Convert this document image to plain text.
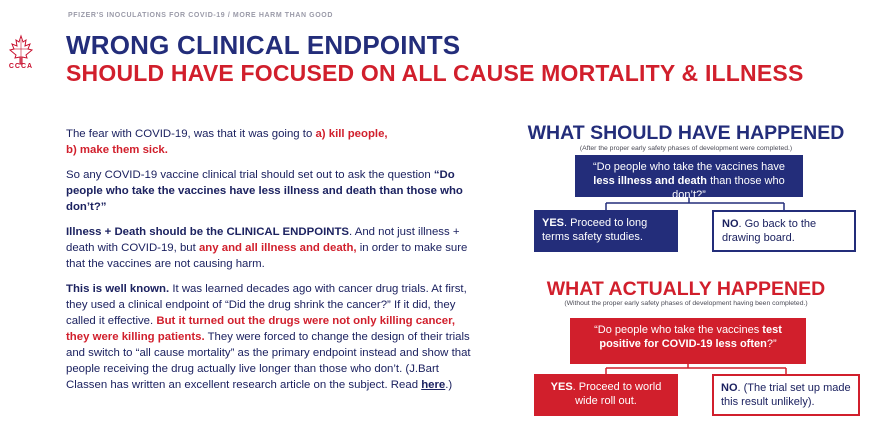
PFIZER'S INOCULATIONS FOR COVID-19 / MORE HARM THAN GOOD
CCCA
WRONG CLINICAL ENDPOINTS
SHOULD HAVE FOCUSED ON ALL CAUSE MORTALITY & ILLNESS

The fear with COVID-19, was that it was going to a) kill people,
b) make them sick.

So any COVID-19 vaccine clinical trial should set out to ask the question “Do people who take the vaccines have less illness and death than those who don’t?”

Illness + Death should be the CLINICAL ENDPOINTS. And not just illness + death with COVID-19, but any and all illness and death, in order to make sure that the vaccines are not causing harm.

This is well known. It was learned decades ago with cancer drug trials. At first, they used a clinical endpoint of “Did the drug shrink the cancer?” If it did, they called it effective. But it turned out the drugs were not only killing cancer, they were killing patients. They were forced to change the design of their trials and switch to “all cause mortality” as the primary endpoint instead and show that people receiving the drug actually live longer than those who don’t. (J.Bart Classen has written an excellent research article on the subject. Read here.)

WHAT SHOULD HAVE HAPPENED
(After the proper early safety phases of development were completed.)
“Do people who take the vaccines have less illness and death than those who don’t?”
YES. Proceed to long terms safety studies.
NO. Go back to the drawing board.
WHAT ACTUALLY HAPPENED
(Without the proper early safety phases of development having been completed.)
“Do people who take the vaccines test positive for COVID-19 less often?”
YES. Proceed to world wide roll out.
NO. (The trial set up made this result unlikely).
